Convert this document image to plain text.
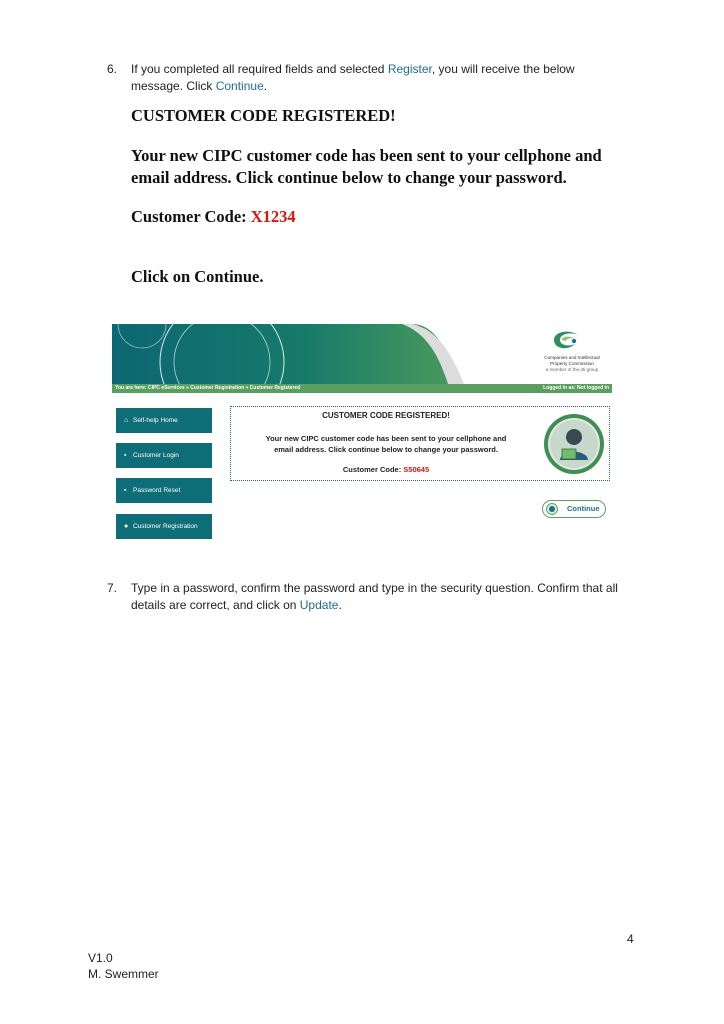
6.	If you completed all required fields and selected Register, you will receive the below
message. Click Continue.
CUSTOMER CODE REGISTERED!
Your new CIPC customer code has been sent to your cellphone and
email address. Click continue below to change your password.
Customer Code: X1234
Click on Continue.
Companies and Intellectual
Property Commission
a member of the dti group
You are here: CIPC eServices » Customer Registration » Customer Registered	Logged in as: Not logged in
⌂ Self-help Home
▪ Customer Login
▪ Password Reset
● Customer Registration
CUSTOMER CODE REGISTERED!
Your new CIPC customer code has been sent to your cellphone and
email address. Click continue below to change your password.
Customer Code: S50645
Continue
7.	Type in a password, confirm the password and type in the security question. Confirm that all
details are correct, and click on Update.
4
V1.0
M. Swemmer
